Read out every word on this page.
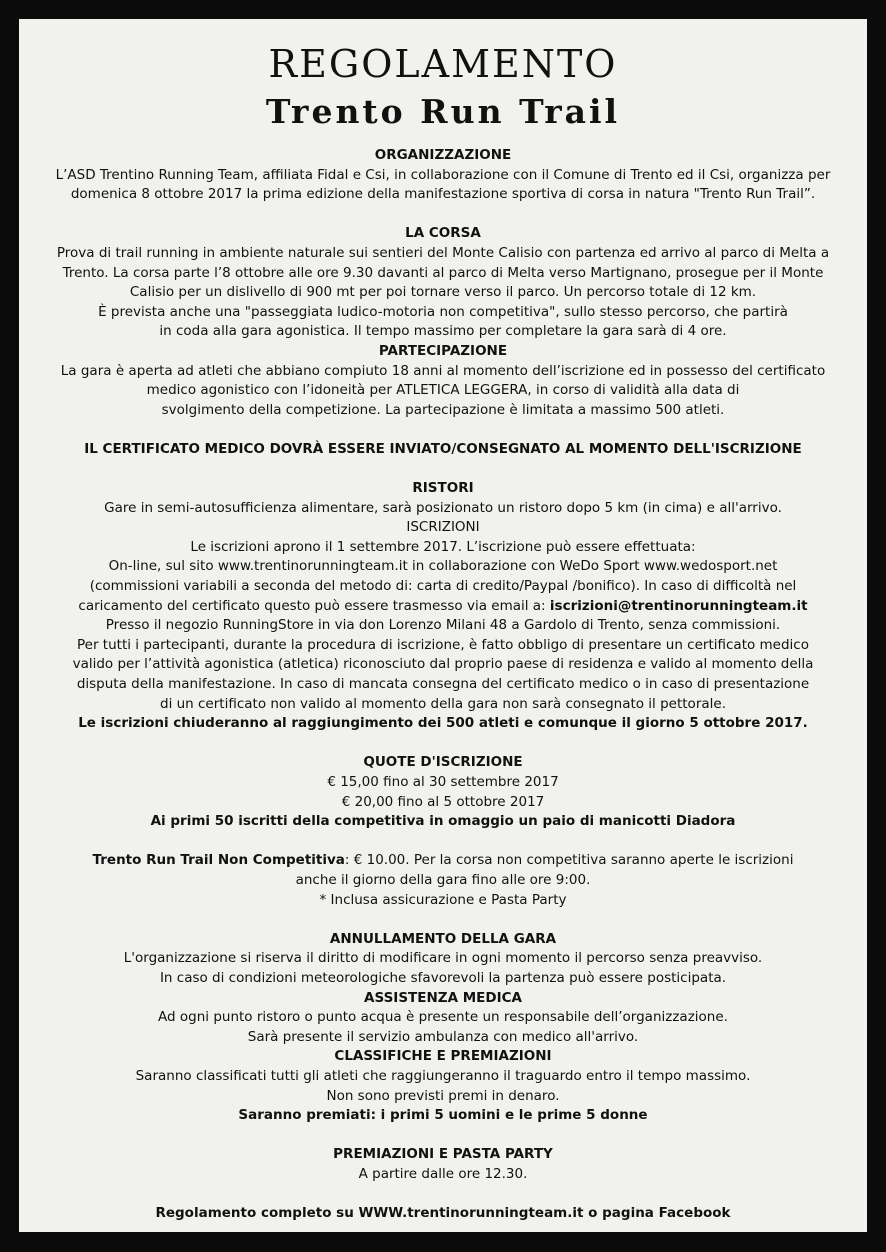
REGOLAMENTO
Trento Run Trail

ORGANIZZAZIONE

L’ASD Trentino Running Team, affiliata Fidal e Csi, in collaborazione con il Comune di Trento ed il Csi, organizza per

domenica 8 ottobre 2017 la prima edizione della manifestazione sportiva di corsa in natura "Trento Run Trail”.

LA CORSA

Prova di trail running in ambiente naturale sui sentieri del Monte Calisio con partenza ed arrivo al parco di Melta a

Trento. La corsa parte l’8 ottobre alle ore 9.30 davanti al parco di Melta verso Martignano, prosegue per il Monte

Calisio per un dislivello di 900 mt per poi tornare verso il parco. Un percorso totale di 12 km.

È prevista anche una "passeggiata ludico-motoria non competitiva", sullo stesso percorso, che partirà

in coda alla gara agonistica. Il tempo massimo per completare la gara sarà di 4 ore.

PARTECIPAZIONE

La gara è aperta ad atleti che abbiano compiuto 18 anni al momento dell’iscrizione ed in possesso del certificato

medico agonistico con l’idoneità per ATLETICA LEGGERA, in corso di validità alla data di

svolgimento della competizione. La partecipazione è limitata a massimo 500 atleti.

IL CERTIFICATO MEDICO DOVRÀ ESSERE INVIATO/CONSEGNATO AL MOMENTO DELL'ISCRIZIONE

RISTORI

Gare in semi-autosufficienza alimentare, sarà posizionato un ristoro dopo 5 km (in cima) e all'arrivo.

ISCRIZIONI

Le iscrizioni aprono il 1 settembre 2017. L’iscrizione può essere effettuata:

On-line, sul sito www.trentinorunningteam.it in collaborazione con WeDo Sport www.wedosport.net

(commissioni variabili a seconda del metodo di: carta di credito/Paypal /bonifico). In caso di difficoltà nel

caricamento del certificato questo può essere trasmesso via email a: iscrizioni@trentinorunningteam.it

Presso il negozio RunningStore in via don Lorenzo Milani 48 a Gardolo di Trento, senza commissioni.

Per tutti i partecipanti, durante la procedura di iscrizione, è fatto obbligo di presentare un certificato medico

valido per l’attività agonistica (atletica) riconosciuto dal proprio paese di residenza e valido al momento della

disputa della manifestazione. In caso di mancata consegna del certificato medico o in caso di presentazione

di un certificato non valido al momento della gara non sarà consegnato il pettorale.

Le iscrizioni chiuderanno al raggiungimento dei 500 atleti e comunque il giorno 5 ottobre 2017.

QUOTE D'ISCRIZIONE

€ 15,00 fino al 30 settembre 2017

€ 20,00 fino al 5 ottobre 2017

Ai primi 50 iscritti della competitiva in omaggio un paio di manicotti Diadora

Trento Run Trail Non Competitiva: € 10.00. Per la corsa non competitiva saranno aperte le iscrizioni

anche il giorno della gara fino alle ore 9:00.

* Inclusa assicurazione e Pasta Party

ANNULLAMENTO DELLA GARA

L'organizzazione si riserva il diritto di modificare in ogni momento il percorso senza preavviso.

In caso di condizioni meteorologiche sfavorevoli la partenza può essere posticipata.

ASSISTENZA MEDICA

Ad ogni punto ristoro o punto acqua è presente un responsabile dell’organizzazione.

Sarà presente il servizio ambulanza con medico all'arrivo.

CLASSIFICHE E PREMIAZIONI

Saranno classificati tutti gli atleti che raggiungeranno il traguardo entro il tempo massimo.

Non sono previsti premi in denaro.

Saranno premiati: i primi 5 uomini e le prime 5 donne

PREMIAZIONI E PASTA PARTY

A partire dalle ore 12.30.

Regolamento completo su WWW.trentinorunningteam.it o pagina Facebook
